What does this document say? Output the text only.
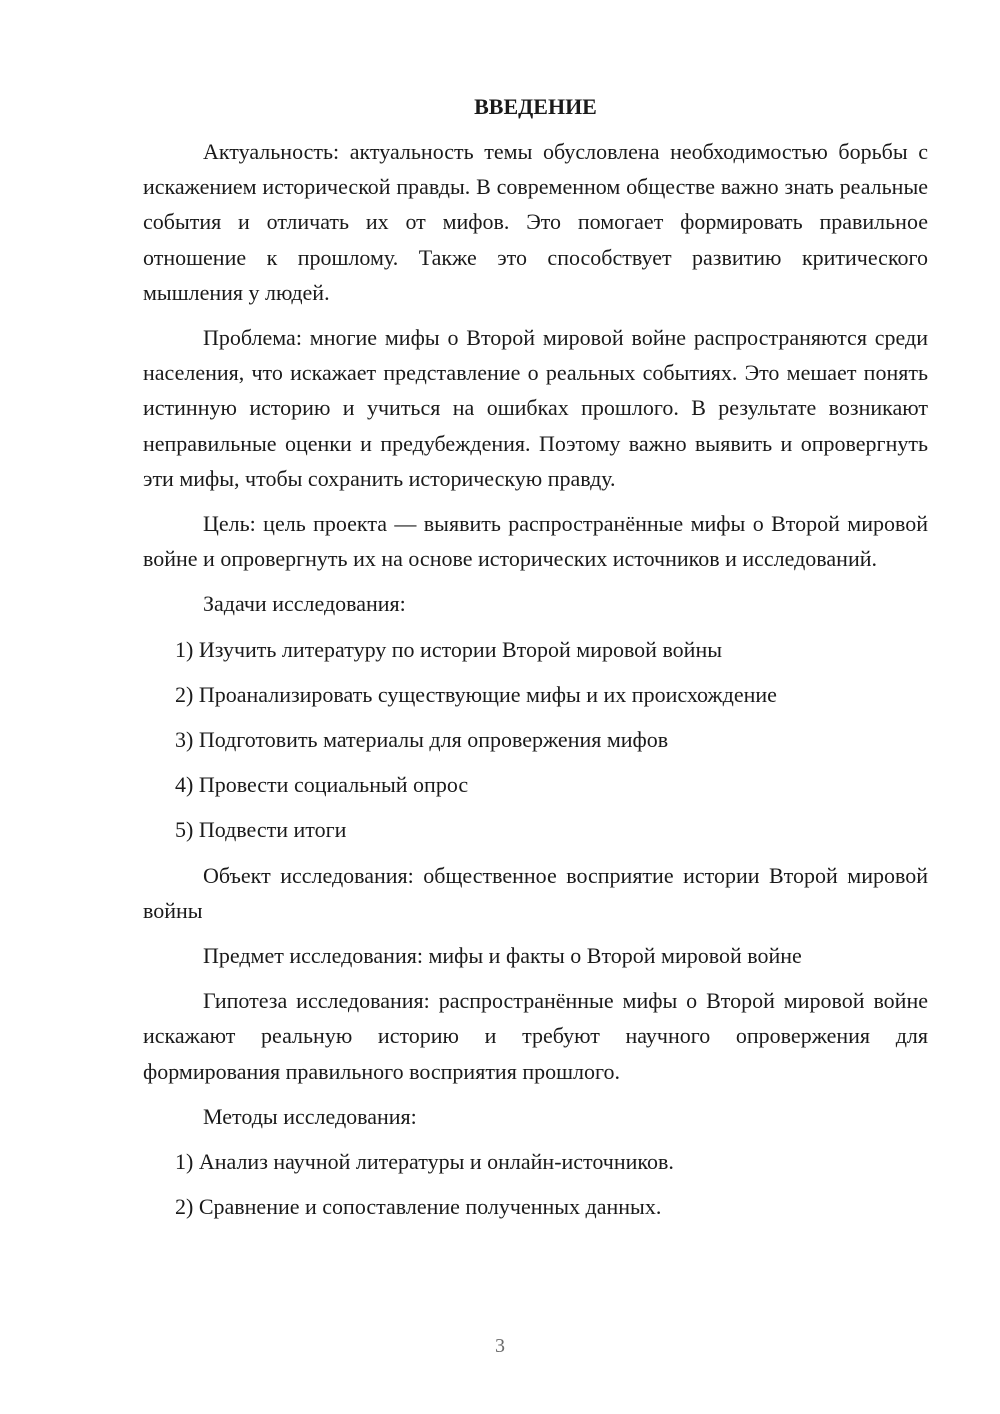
ВВЕДЕНИЕ

Актуальность: актуальность темы обусловлена необходимостью борьбы с искажением исторической правды. В современном обществе важно знать реальные события и отличать их от мифов. Это помогает формировать правильное отношение к прошлому. Также это способствует развитию критического мышления у людей.

Проблема: многие мифы о Второй мировой войне распространяются среди населения, что искажает представление о реальных событиях. Это мешает понять истинную историю и учиться на ошибках прошлого. В результате возникают неправильные оценки и предубеждения. Поэтому важно выявить и опровергнуть эти мифы, чтобы сохранить историческую правду.

Цель: цель проекта — выявить распространённые мифы о Второй мировой войне и опровергнуть их на основе исторических источников и исследований.

Задачи исследования:
1) Изучить литературу по истории Второй мировой войны
2) Проанализировать существующие мифы и их происхождение
3) Подготовить материалы для опровержения мифов
4) Провести социальный опрос
5) Подвести итоги

Объект исследования: общественное восприятие истории Второй мировой войны

Предмет исследования: мифы и факты о Второй мировой войне

Гипотеза исследования: распространённые мифы о Второй мировой войне искажают реальную историю и требуют научного опровержения для формирования правильного восприятия прошлого.

Методы исследования:
1) Анализ научной литературы и онлайн-источников.
2) Сравнение и сопоставление полученных данных.
3
